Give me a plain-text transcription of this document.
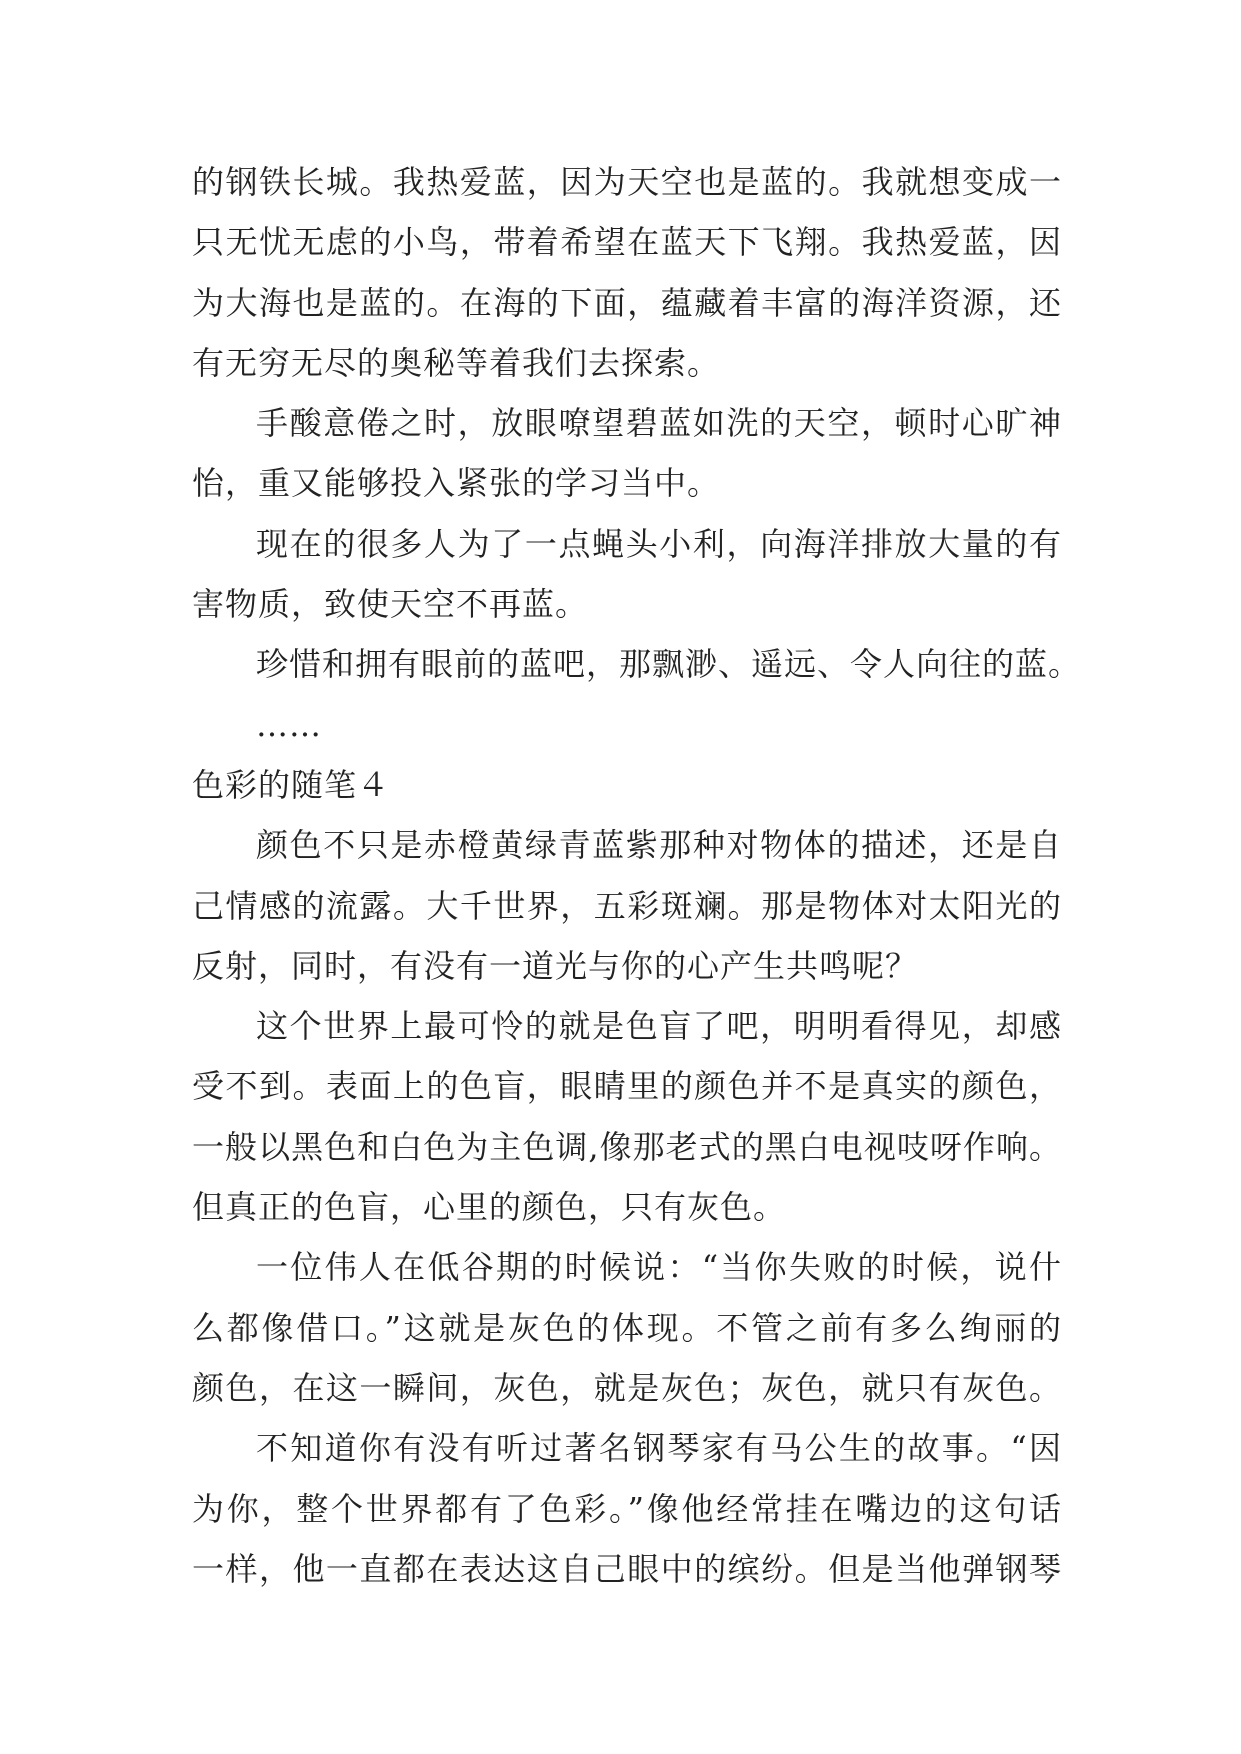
的钢铁长城。我热爱蓝，因为天空也是蓝的。我就想变成一
只无忧无虑的小鸟，带着希望在蓝天下飞翔。我热爱蓝，因
为大海也是蓝的。在海的下面，蕴藏着丰富的海洋资源，还
有无穷无尽的奥秘等着我们去探索。
手酸意倦之时，放眼嘹望碧蓝如洗的天空，顿时心旷神
怡，重又能够投入紧张的学习当中。
现在的很多人为了一点蝇头小利，向海洋排放大量的有
害物质，致使天空不再蓝。
珍惜和拥有眼前的蓝吧，那飘渺、遥远、令人向往的蓝。
……
色彩的随笔４
颜色不只是赤橙黄绿青蓝紫那种对物体的描述，还是自
己情感的流露。大千世界，五彩斑斓。那是物体对太阳光的
反射，同时，有没有一道光与你的心产生共鸣呢？
这个世界上最可怜的就是色盲了吧，明明看得见，却感
受不到。表面上的色盲，眼睛里的颜色并不是真实的颜色，
一般以黑色和白色为主色调,像那老式的黑白电视吱呀作响。
但真正的色盲，心里的颜色，只有灰色。
一位伟人在低谷期的时候说：“当你失败的时候，说什
么都像借口。”这就是灰色的体现。不管之前有多么绚丽的
颜色，在这一瞬间，灰色，就是灰色；灰色，就只有灰色。
不知道你有没有听过著名钢琴家有马公生的故事。“因
为你，整个世界都有了色彩。”像他经常挂在嘴边的这句话
一样，他一直都在表达这自己眼中的缤纷。但是当他弹钢琴
